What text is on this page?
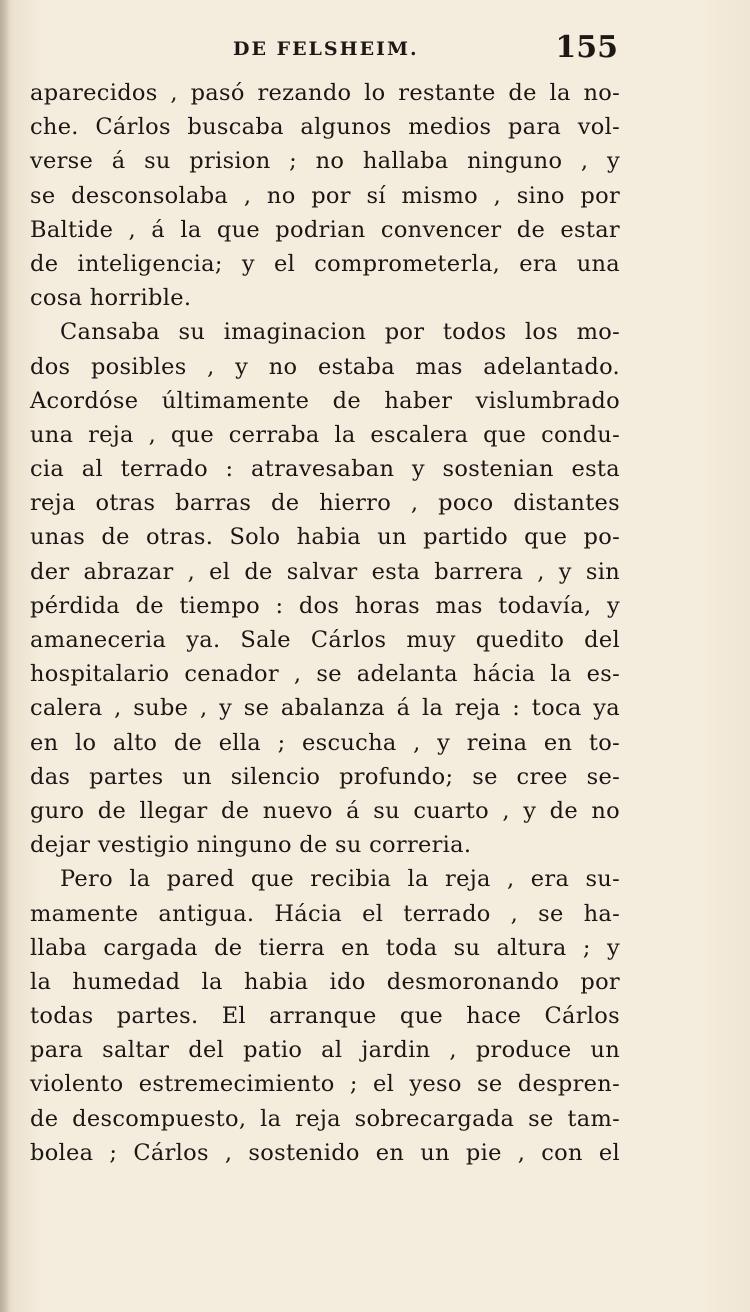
DE FELSHEIM.	155
aparecidos , pasó rezando lo restante de la no-
che. Cárlos buscaba algunos medios para vol-
verse á su prision ; no hallaba ninguno , y
se desconsolaba , no por sí mismo , sino por
Baltide , á la que podrian convencer de estar
de inteligencia; y el comprometerla, era una
cosa horrible.
Cansaba su imaginacion por todos los mo-
dos posibles , y no estaba mas adelantado.
Acordóse últimamente de haber vislumbrado
una reja , que cerraba la escalera que condu-
cia al terrado : atravesaban y sostenian esta
reja otras barras de hierro , poco distantes
unas de otras. Solo habia un partido que po-
der abrazar , el de salvar esta barrera , y sin
pérdida de tiempo : dos horas mas todavía, y
amaneceria ya. Sale Cárlos muy quedito del
hospitalario cenador , se adelanta hácia la es-
calera , sube , y se abalanza á la reja : toca ya
en lo alto de ella ; escucha , y reina en to-
das partes un silencio profundo; se cree se-
guro de llegar de nuevo á su cuarto , y de no
dejar vestigio ninguno de su correria.
Pero la pared que recibia la reja , era su-
mamente antigua. Hácia el terrado , se ha-
llaba cargada de tierra en toda su altura ; y
la humedad la habia ido desmoronando por
todas partes. El arranque que hace Cárlos
para saltar del patio al jardin , produce un
violento estremecimiento ; el yeso se despren-
de descompuesto, la reja sobrecargada se tam-
bolea ; Cárlos , sostenido en un pie , con el
